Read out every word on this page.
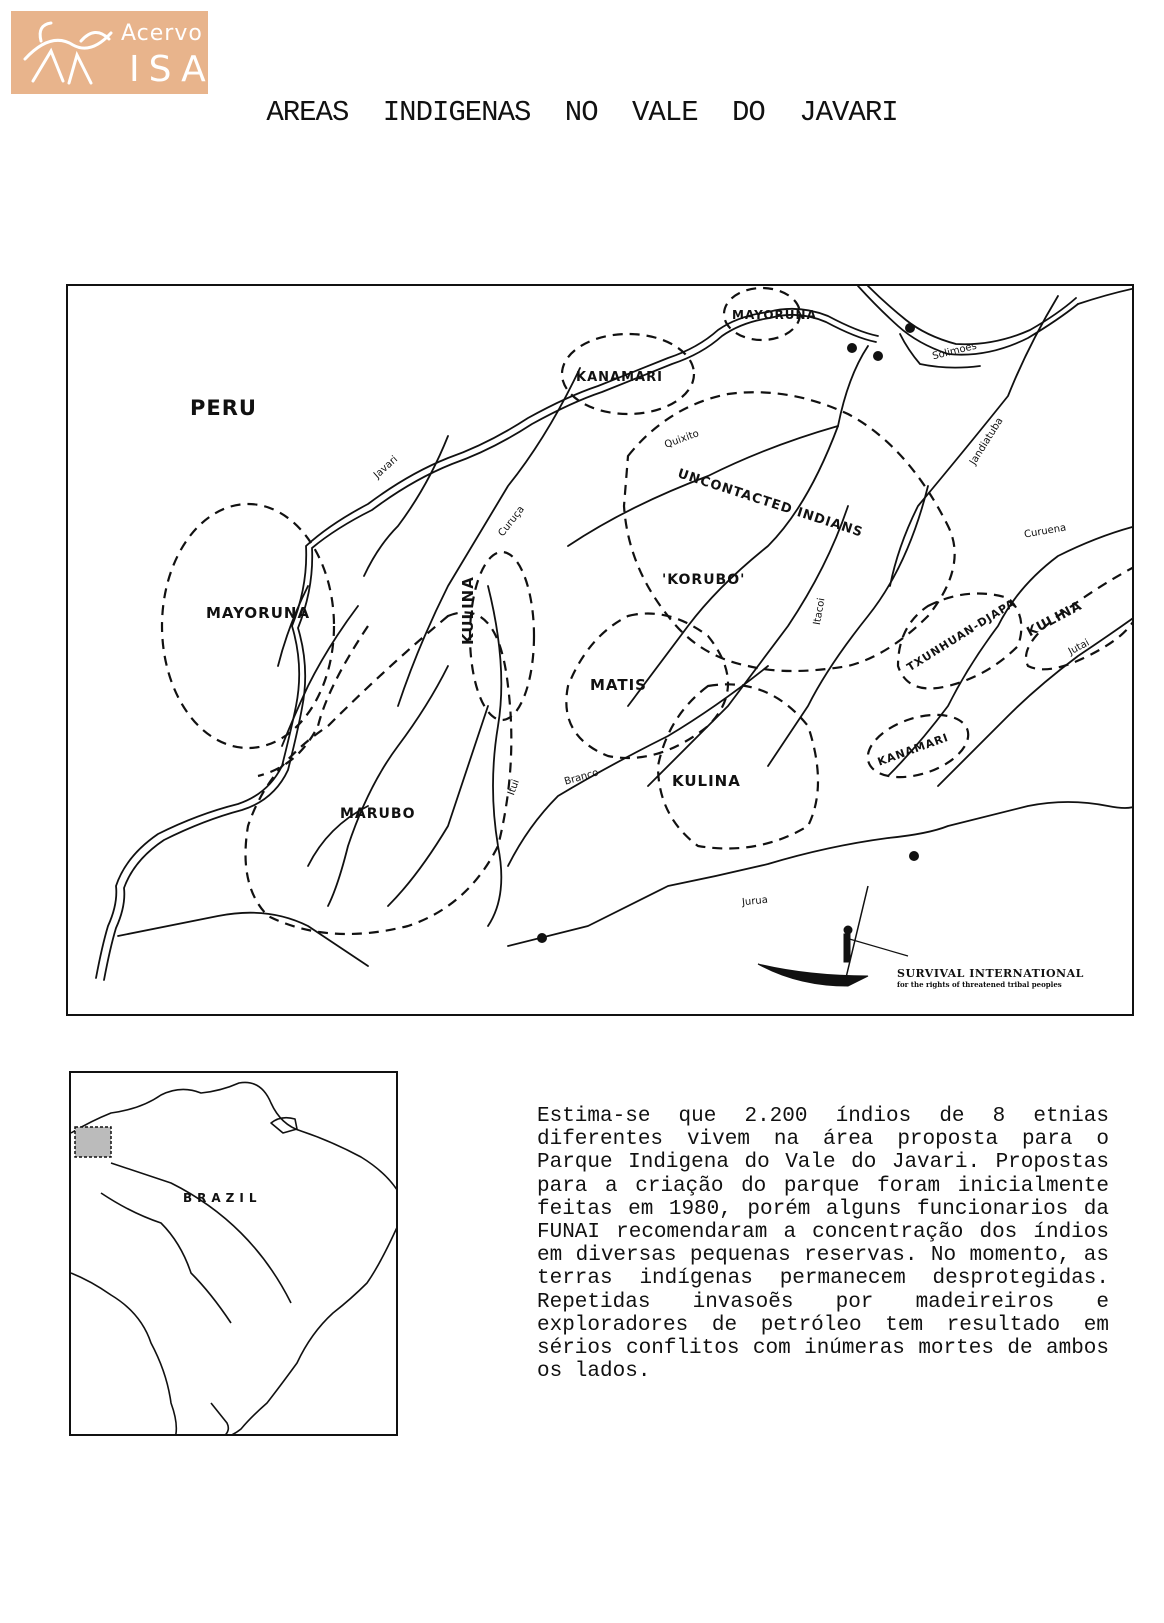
Acervo
ISA
AREAS INDIGENAS NO VALE DO JAVARI
PERU
MAYORUNA
KANAMARI
UNCONTACTED INDIANS
'KORUBO'
MAYORUNA	KULINA
MATIS
MARUBO
KULINA
TXUNHUAN-DJAPA KULINA
KANAMARI
Javari
Curuça
Quixito
Solimoes
Jandiatuba
Curuena
Itacoi
Itui	Branco
Jurua
Jutai
SURVIVAL INTERNATIONAL
for the rights of threatened tribal peoples
BRAZIL
Estima-se que 2.200 índios de 8 etnias diferentes vivem na área proposta para o Parque Indigena do Vale do Javari. Propostas para a criação do parque foram inicialmente feitas em 1980, porém alguns funcionarios da FUNAI recomendaram a concentração dos índios em diversas pequenas reservas. No momento, as terras indígenas permanecem desprotegidas. Repetidas invasoẽs por madeireiros e exploradores de petróleo tem resultado em sérios conflitos com inúmeras mortes de ambos os lados.
